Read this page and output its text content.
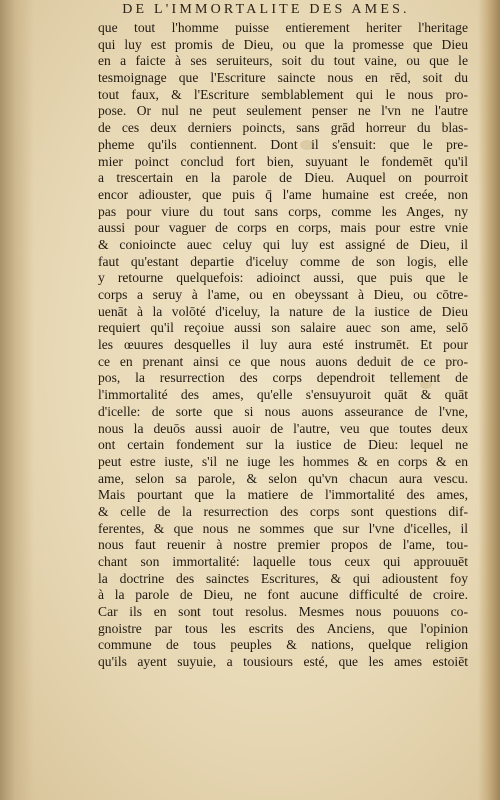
DE L'IMMORTALITE DES AMES.
que tout l'homme puisse entierement heriter l'heritage
qui luy est promis de Dieu, ou que la promesse que Dieu
en a faicte à ses seruiteurs, soit du tout vaine, ou que le
tesmoignage que l'Escriture saincte nous en rēd, soit du
tout faux, & l'Escriture semblablement qui le nous pro-
pose. Or nul ne peut seulement penser ne l'vn ne l'autre
de ces deux derniers poincts, sans grād horreur du blas-
pheme qu'ils contiennent. Dont il s'ensuit: que le pre-
mier poinct conclud fort bien, suyuant le fondemēt qu'il
a trescertain en la parole de Dieu. Auquel on pourroit
encor adiouster, que puis q̄ l'ame humaine est creée, non
pas pour viure du tout sans corps, comme les Anges, ny
aussi pour vaguer de corps en corps, mais pour estre vnie
& conioincte auec celuy qui luy est assigné de Dieu, il
faut qu'estant departie d'iceluy comme de son logis, elle
y retourne quelquefois: adioinct aussi, que puis que le
corps a seruy à l'ame, ou en obeyssant à Dieu, ou cōtre-
uenāt à la volōté d'iceluy, la nature de la iustice de Dieu
requiert qu'il reçoiue aussi son salaire auec son ame, selō
les œuures desquelles il luy aura esté instrumēt. Et pour
ce en prenant ainsi ce que nous auons deduit de ce pro-
pos, la resurrection des corps dependroit tellement de
l'immortalité des ames, qu'elle s'ensuyuroit quāt & quāt
d'icelle: de sorte que si nous auons asseurance de l'vne,
nous la deuōs aussi auoir de l'autre, veu que toutes deux
ont certain fondement sur la iustice de Dieu: lequel ne
peut estre iuste, s'il ne iuge les hommes & en corps & en
ame, selon sa parole, & selon qu'vn chacun aura vescu.
Mais pourtant que la matiere de l'immortalité des ames,
& celle de la resurrection des corps sont questions dif-
ferentes, & que nous ne sommes que sur l'vne d'icelles, il
nous faut reuenir à nostre premier propos de l'ame, tou-
chant son immortalité: laquelle tous ceux qui approuuēt
la doctrine des sainctes Escritures, & qui adioustent foy
à la parole de Dieu, ne font aucune difficulté de croire.
Car ils en sont tout resolus. Mesmes nous pouuons co-
gnoistre par tous les escrits des Anciens, que l'opinion
commune de tous peuples & nations, quelque religion
qu'ils ayent suyuie, a tousiours esté, que les ames estoiēt
